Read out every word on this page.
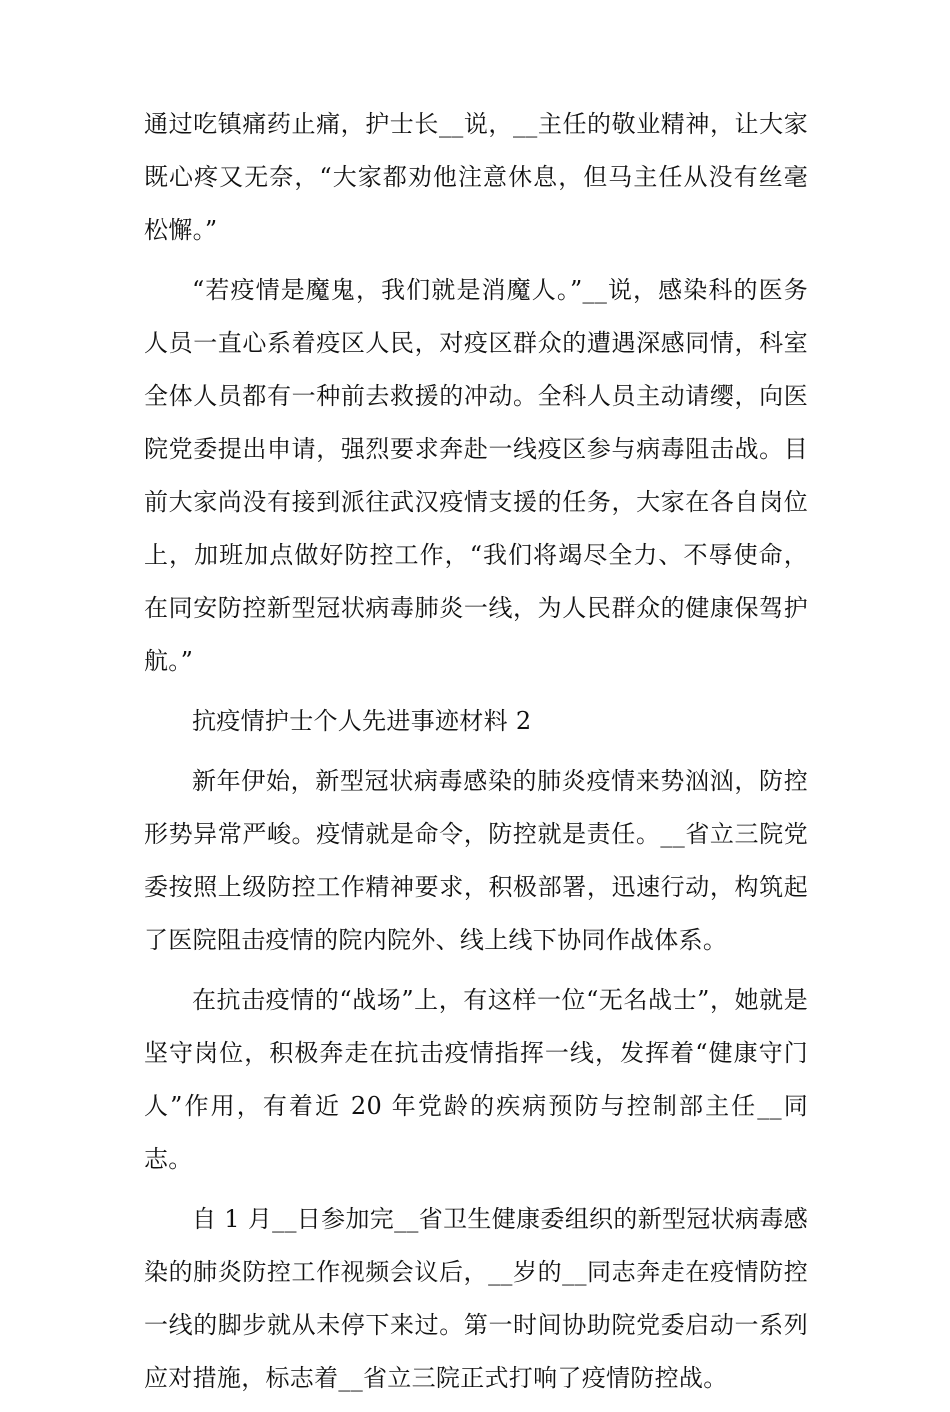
通过吃镇痛药止痛，护士长__说，__主任的敬业精神，让大家既心疼又无奈，“大家都劝他注意休息，但马主任从没有丝毫松懈。”

“若疫情是魔鬼，我们就是消魔人。”__说，感染科的医务人员一直心系着疫区人民，对疫区群众的遭遇深感同情，科室全体人员都有一种前去救援的冲动。全科人员主动请缨，向医院党委提出申请，强烈要求奔赴一线疫区参与病毒阻击战。目前大家尚没有接到派往武汉疫情支援的任务，大家在各自岗位上，加班加点做好防控工作，“我们将竭尽全力、不辱使命，在同安防控新型冠状病毒肺炎一线，为人民群众的健康保驾护航。”

抗疫情护士个人先进事迹材料 2

新年伊始，新型冠状病毒感染的肺炎疫情来势汹汹，防控形势异常严峻。疫情就是命令，防控就是责任。__省立三院党委按照上级防控工作精神要求，积极部署，迅速行动，构筑起了医院阻击疫情的院内院外、线上线下协同作战体系。

在抗击疫情的“战场”上，有这样一位“无名战士”，她就是坚守岗位，积极奔走在抗击疫情指挥一线，发挥着“健康守门人”作用，有着近 20 年党龄的疾病预防与控制部主任__同志。

自 1 月__日参加完__省卫生健康委组织的新型冠状病毒感染的肺炎防控工作视频会议后，__岁的__同志奔走在疫情防控一线的脚步就从未停下来过。第一时间协助院党委启动一系列应对措施，标志着__省立三院正式打响了疫情防控战。
